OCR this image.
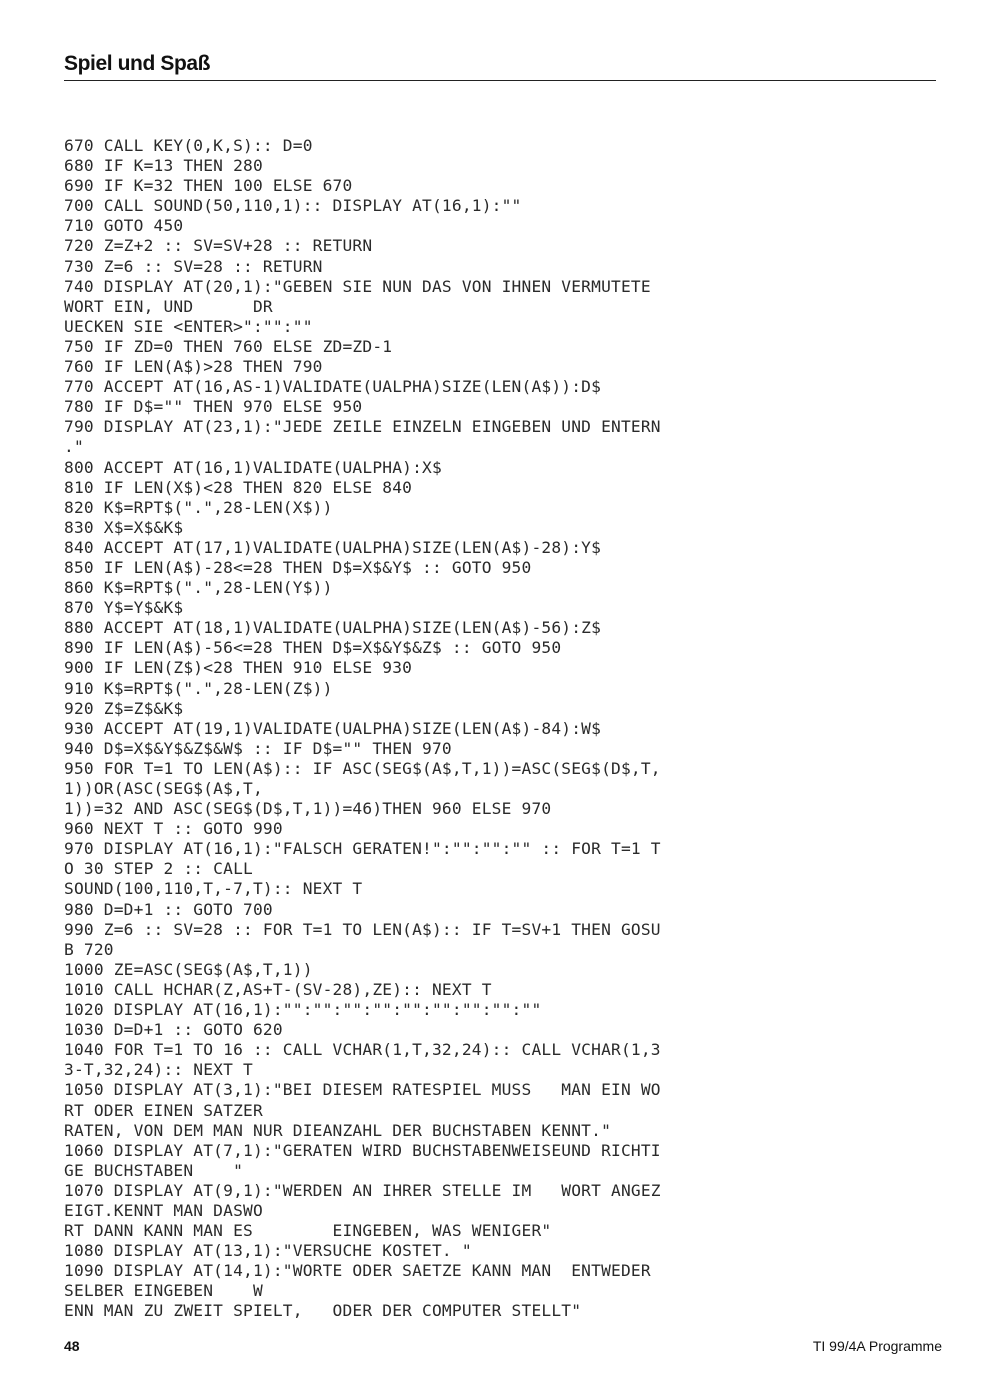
Spiel und Spaß
670 CALL KEY(0,K,S):: D=0
680 IF K=13 THEN 280
690 IF K=32 THEN 100 ELSE 670
700 CALL SOUND(50,110,1):: DISPLAY AT(16,1):""
710 GOTO 450
720 Z=Z+2 :: SV=SV+28 :: RETURN
730 Z=6 :: SV=28 :: RETURN
740 DISPLAY AT(20,1):"GEBEN SIE NUN DAS VON IHNEN VERMUTETE
WORT EIN, UND      DR
UECKEN SIE <ENTER>":"":""
750 IF ZD=0 THEN 760 ELSE ZD=ZD-1
760 IF LEN(A$)>28 THEN 790
770 ACCEPT AT(16,AS-1)VALIDATE(UALPHA)SIZE(LEN(A$)):D$
780 IF D$="" THEN 970 ELSE 950
790 DISPLAY AT(23,1):"JEDE ZEILE EINZELN EINGEBEN UND ENTERN
."
800 ACCEPT AT(16,1)VALIDATE(UALPHA):X$
810 IF LEN(X$)<28 THEN 820 ELSE 840
820 K$=RPT$(".",28-LEN(X$))
830 X$=X$&K$
840 ACCEPT AT(17,1)VALIDATE(UALPHA)SIZE(LEN(A$)-28):Y$
850 IF LEN(A$)-28<=28 THEN D$=X$&Y$ :: GOTO 950
860 K$=RPT$(".",28-LEN(Y$))
870 Y$=Y$&K$
880 ACCEPT AT(18,1)VALIDATE(UALPHA)SIZE(LEN(A$)-56):Z$
890 IF LEN(A$)-56<=28 THEN D$=X$&Y$&Z$ :: GOTO 950
900 IF LEN(Z$)<28 THEN 910 ELSE 930
910 K$=RPT$(".",28-LEN(Z$))
920 Z$=Z$&K$
930 ACCEPT AT(19,1)VALIDATE(UALPHA)SIZE(LEN(A$)-84):W$
940 D$=X$&Y$&Z$&W$ :: IF D$="" THEN 970
950 FOR T=1 TO LEN(A$):: IF ASC(SEG$(A$,T,1))=ASC(SEG$(D$,T,
1))OR(ASC(SEG$(A$,T,
1))=32 AND ASC(SEG$(D$,T,1))=46)THEN 960 ELSE 970
960 NEXT T :: GOTO 990
970 DISPLAY AT(16,1):"FALSCH GERATEN!":"":"":"" :: FOR T=1 T
O 30 STEP 2 :: CALL
SOUND(100,110,T,-7,T):: NEXT T
980 D=D+1 :: GOTO 700
990 Z=6 :: SV=28 :: FOR T=1 TO LEN(A$):: IF T=SV+1 THEN GOSU
B 720
1000 ZE=ASC(SEG$(A$,T,1))
1010 CALL HCHAR(Z,AS+T-(SV-28),ZE):: NEXT T
1020 DISPLAY AT(16,1):"":"":"":"":"":"":"":"":""
1030 D=D+1 :: GOTO 620
1040 FOR T=1 TO 16 :: CALL VCHAR(1,T,32,24):: CALL VCHAR(1,3
3-T,32,24):: NEXT T
1050 DISPLAY AT(3,1):"BEI DIESEM RATESPIEL MUSS   MAN EIN WO
RT ODER EINEN SATZER
RATEN, VON DEM MAN NUR DIEANZAHL DER BUCHSTABEN KENNT."
1060 DISPLAY AT(7,1):"GERATEN WIRD BUCHSTABENWEISEUND RICHTI
GE BUCHSTABEN    "
1070 DISPLAY AT(9,1):"WERDEN AN IHRER STELLE IM   WORT ANGEZ
EIGT.KENNT MAN DASWO
RT DANN KANN MAN ES        EINGEBEN, WAS WENIGER"
1080 DISPLAY AT(13,1):"VERSUCHE KOSTET. "
1090 DISPLAY AT(14,1):"WORTE ODER SAETZE KANN MAN  ENTWEDER
SELBER EINGEBEN    W
ENN MAN ZU ZWEIT SPIELT,   ODER DER COMPUTER STELLT"
48	TI 99/4A Programme
